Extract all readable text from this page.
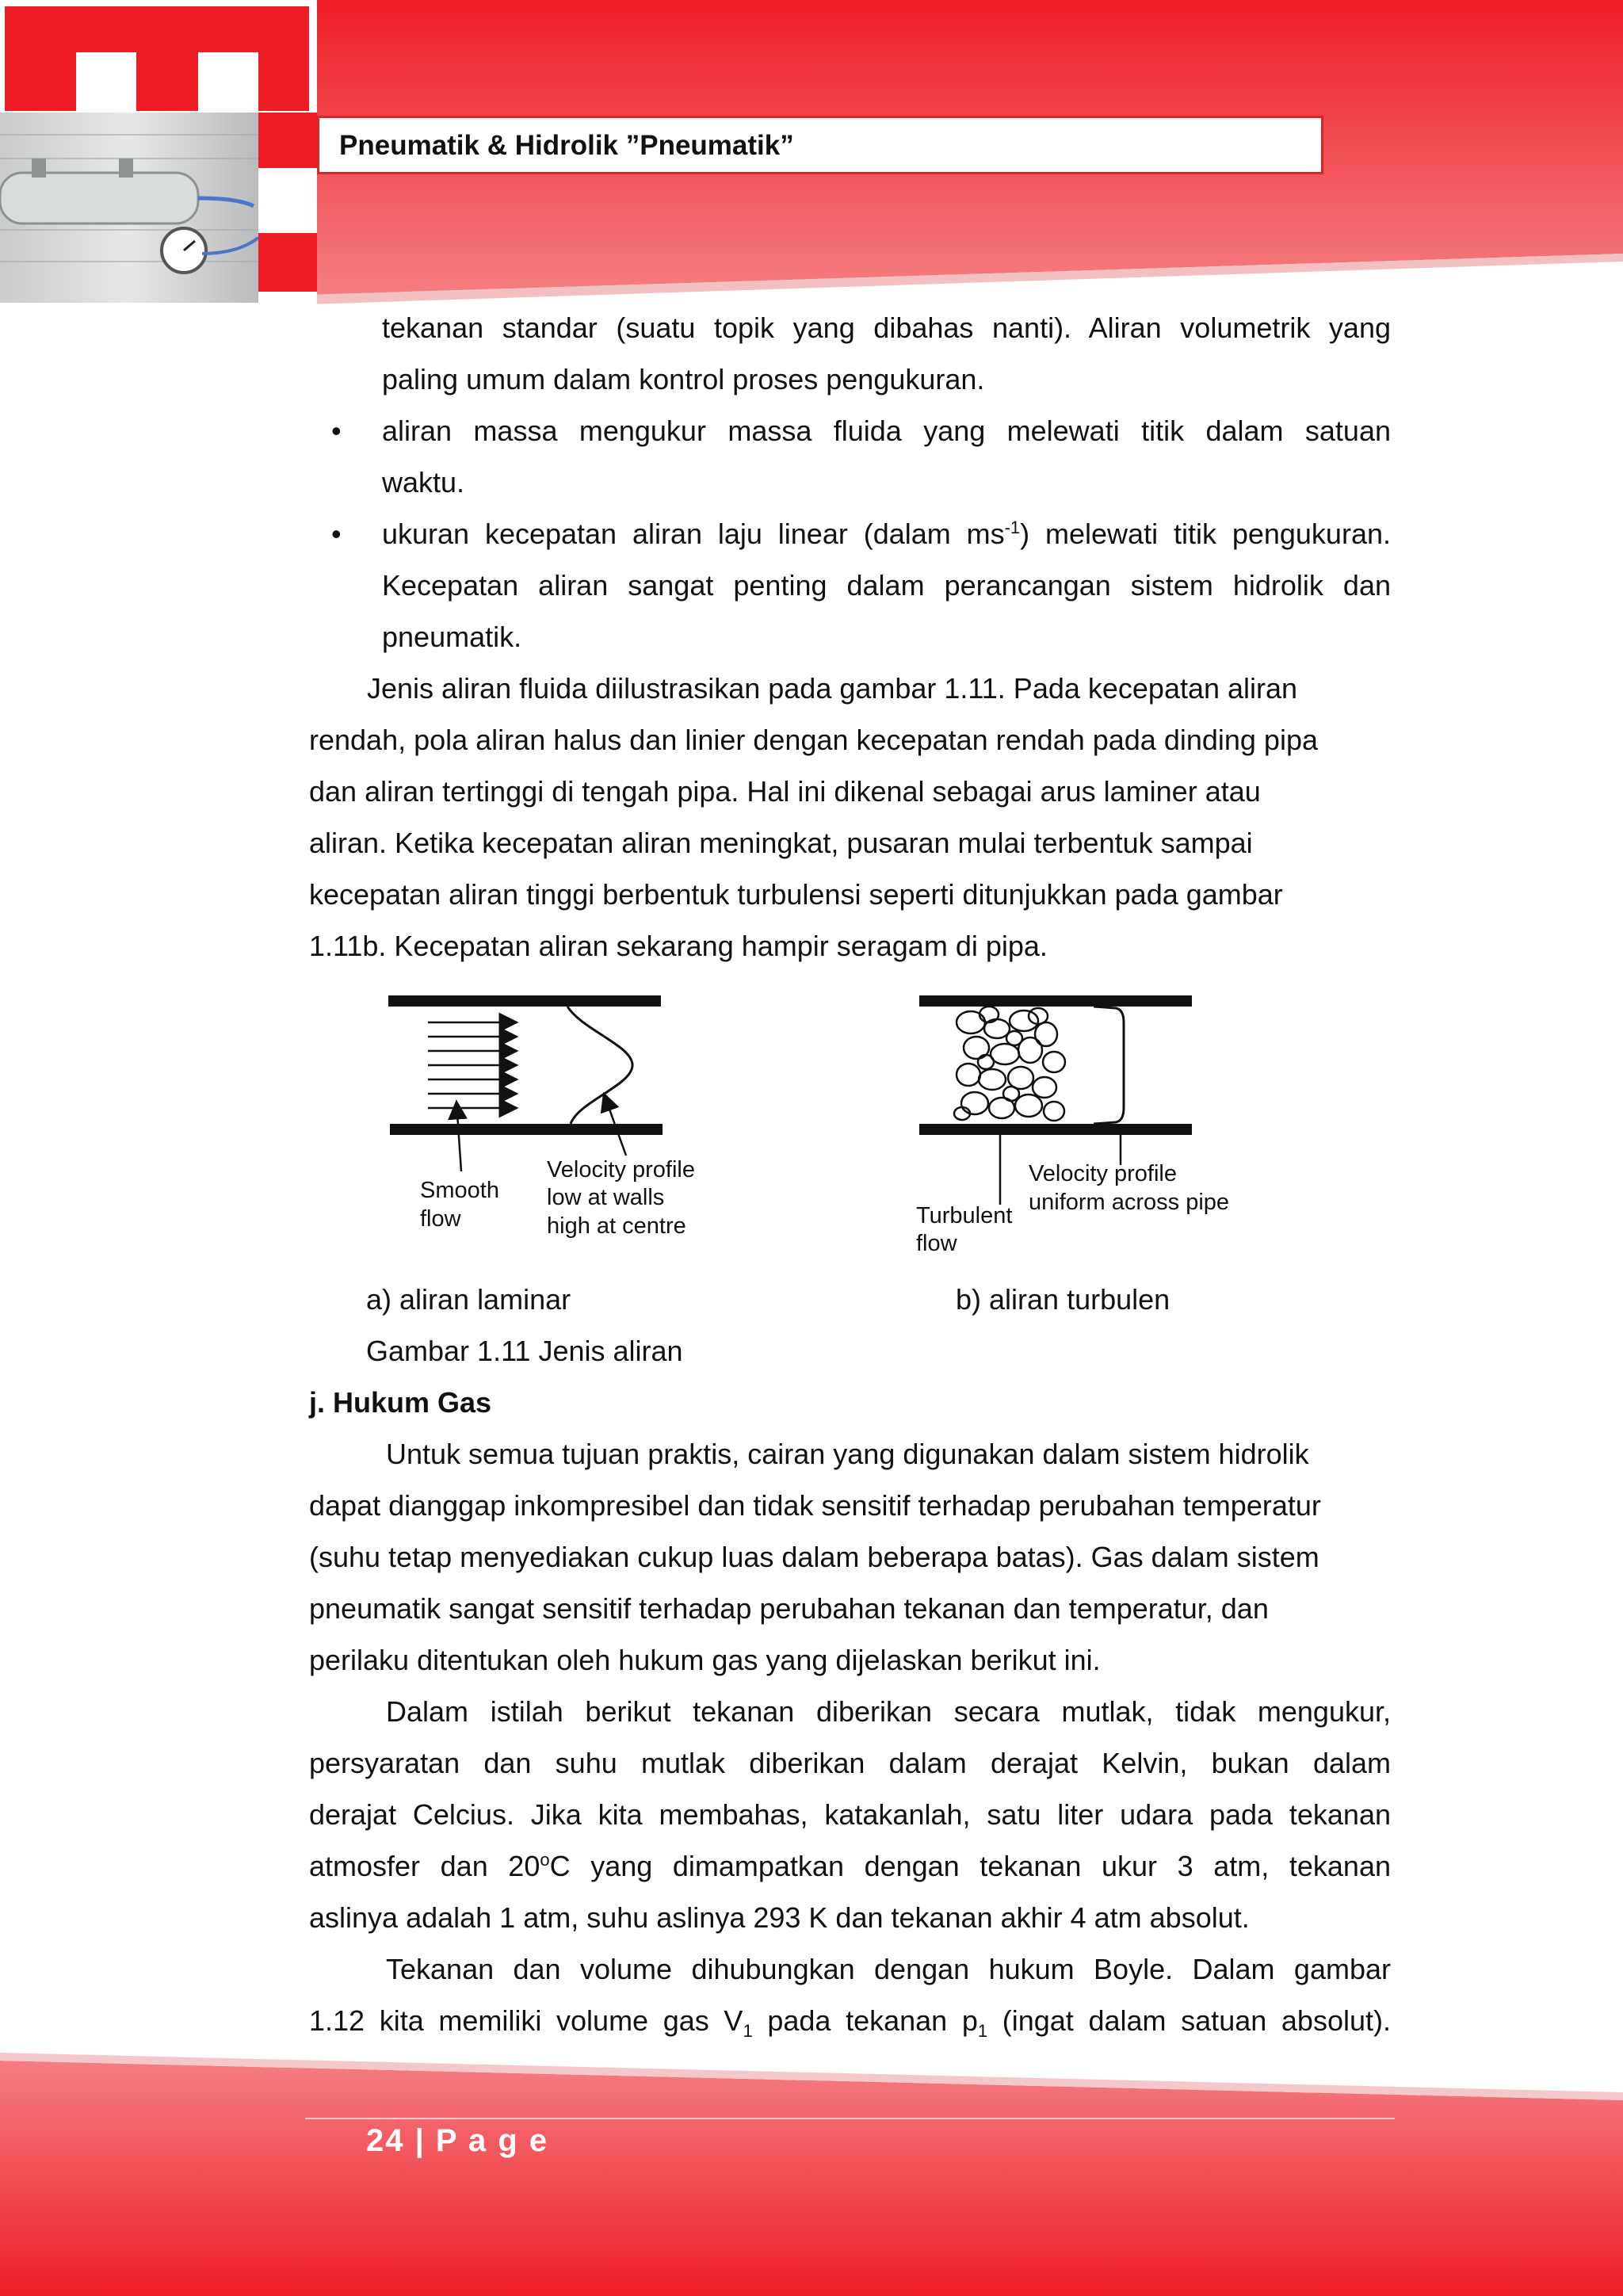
Pneumatik & Hidrolik ”Pneumatik”
tekanan standar (suatu topik yang dibahas nanti). Aliran volumetrik yang
paling umum dalam kontrol proses pengukuran.
• aliran massa mengukur massa fluida yang melewati titik dalam satuan
waktu.
• ukuran kecepatan aliran laju linear (dalam $ms^{-1}$) melewati titik pengukuran.
Kecepatan aliran sangat penting dalam perancangan sistem hidrolik dan
pneumatik.
Jenis aliran fluida diilustrasikan pada gambar 1.11. Pada kecepatan aliran
rendah, pola aliran halus dan linier dengan kecepatan rendah pada dinding pipa
dan aliran tertinggi di tengah pipa. Hal ini dikenal sebagai arus laminer atau
aliran. Ketika kecepatan aliran meningkat, pusaran mulai terbentuk sampai
kecepatan aliran tinggi berbentuk turbulensi seperti ditunjukkan pada gambar
1.11b. Kecepatan aliran sekarang hampir seragam di pipa.
Smooth
flow
Velocity profile
low at walls
high at centre
Velocity profile
uniform across pipe
Turbulent
flow
a) aliran laminar	b) aliran turbulen
Gambar 1.11 Jenis aliran
j. Hukum Gas
Untuk semua tujuan praktis, cairan yang digunakan dalam sistem hidrolik
dapat dianggap inkompresibel dan tidak sensitif terhadap perubahan temperatur
(suhu tetap menyediakan cukup luas dalam beberapa batas). Gas dalam sistem
pneumatik sangat sensitif terhadap perubahan tekanan dan temperatur, dan
perilaku ditentukan oleh hukum gas yang dijelaskan berikut ini.
Dalam istilah berikut tekanan diberikan secara mutlak, tidak mengukur,
persyaratan dan suhu mutlak diberikan dalam derajat Kelvin, bukan dalam
derajat Celcius. Jika kita membahas, katakanlah, satu liter udara pada tekanan
atmosfer dan 20$^o$C yang dimampatkan dengan tekanan ukur 3 atm, tekanan
aslinya adalah 1 atm, suhu aslinya 293 K dan tekanan akhir 4 atm absolut.
Tekanan dan volume dihubungkan dengan hukum Boyle. Dalam gambar
1.12 kita memiliki volume gas $V_1$ pada tekanan $p_1$ (ingat dalam satuan absolut).
24 | P a g e
